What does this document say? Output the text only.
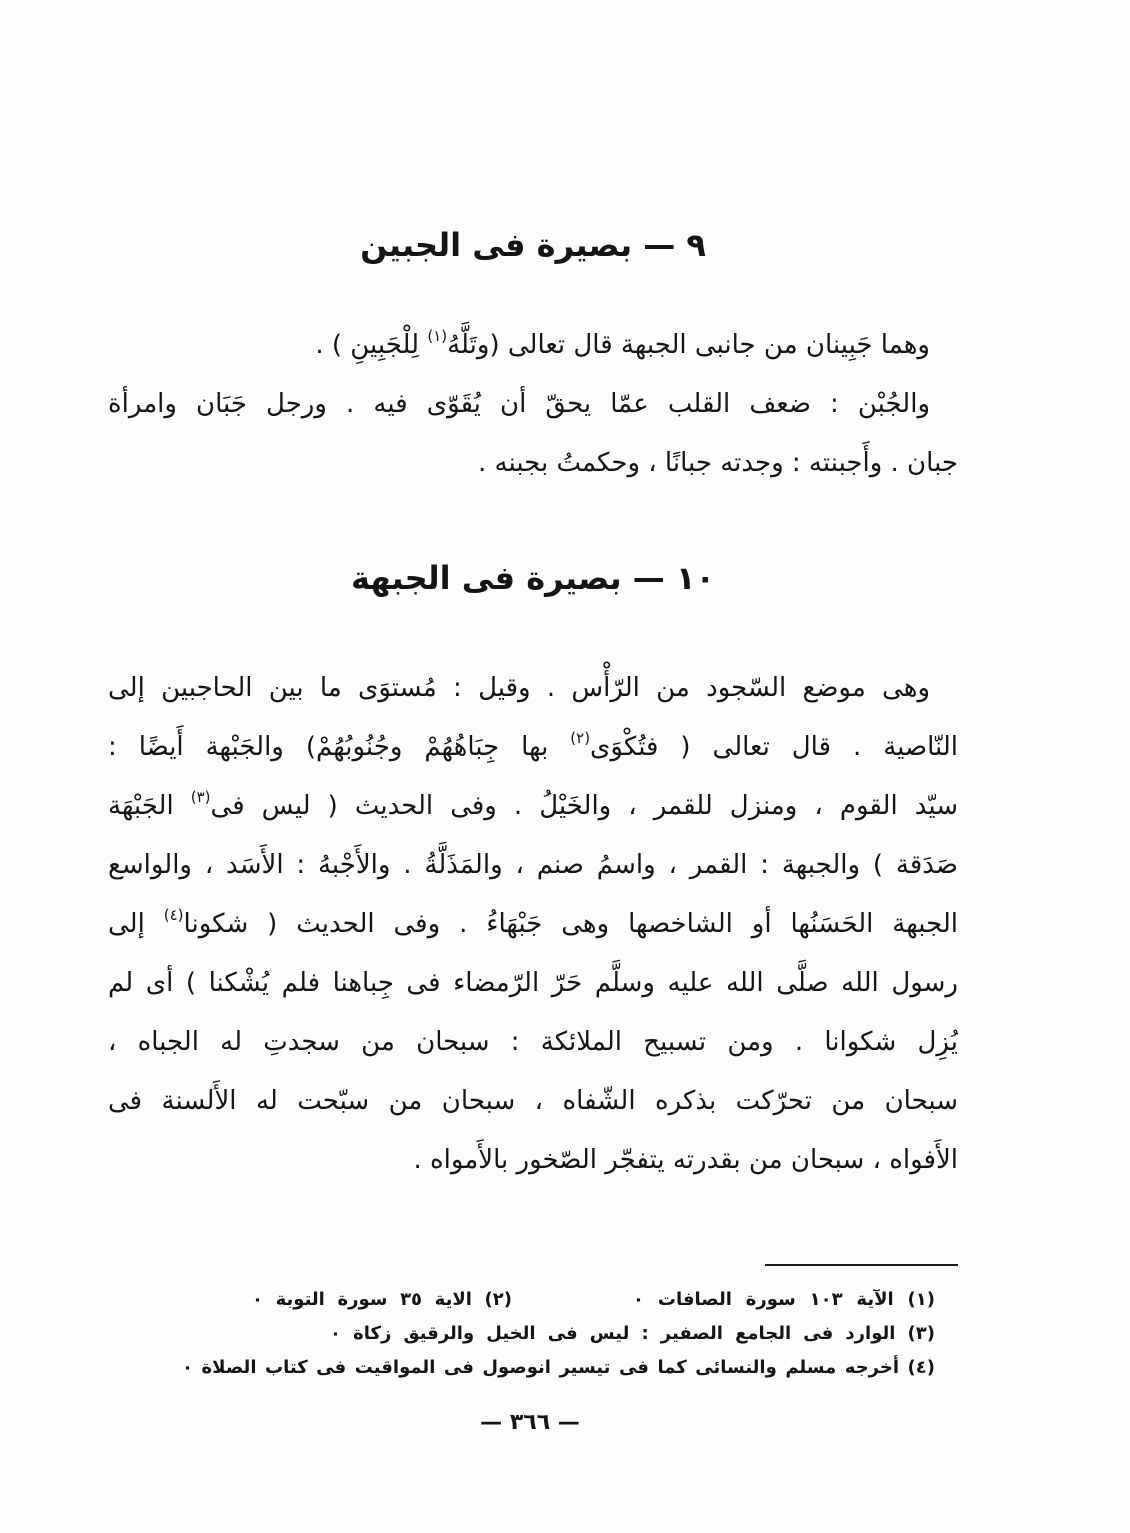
٩ — بصيرة فى الجبين
وهما جَبِينان من جانبى الجبهة قال تعالى (وتَلَّهُ$^{(١)}$ لِلْجَبِينِ ) .
والجُبْن : ضعف القلب عمّا يحقّ أن يُقَوّى فيه . ورجل جَبَان وامرأة
جبان . وأَجبنته : وجدته جبانًا ، وحكمتُ بجبنه .
١٠ — بصيرة فى الجبهة
وهى موضع السّجود من الرّأْس . وقيل : مُستوَى ما بين الحاجبين إلى
النّاصية . قال تعالى ( فتُكْوَى$^{(٢)}$ بها جِبَاهُهُمْ وجُنُوبُهُمْ) والجَبْهة أَيضًا :
سيّد القوم ، ومنزل للقمر ، والخَيْلُ . وفى الحديث ( ليس فى$^{(٣)}$ الجَبْهَة
صَدَقة ) والجبهة : القمر ، واسمُ صنم ، والمَذَلَّةُ . والأَجْبهُ : الأَسَد ، والواسع
الجبهة الحَسَنُها أو الشاخصها وهى جَبْهَاءُ . وفى الحديث ( شكونا$^{(٤)}$ إلى
رسول الله صلَّى الله عليه وسلَّم حَرّ الرّمضاء فى جِباهنا فلم يُشْكنا ) أى لم
يُزِل شكوانا . ومن تسبيح الملائكة : سبحان من سجدتِ له الجباه ،
سبحان من تحرّكت بذكره الشّفاه ، سبحان من سبّحت له الأَلسنة فى
الأَفواه ، سبحان من بقدرته يتفجّر الصّخور بالأَمواه .
(١) الآية ١٠٣ سورة الصافات ٠
(٢) الاية ٣٥ سورة التوبة ٠
(٣) الوارد فى الجامع الصفير : ليس فى الخيل والرقيق زكاة ٠
(٤) أخرجه مسلم والنسائى كما فى تيسير انوصول فى المواقيت فى كتاب الصلاة ٠
— ٣٦٦ —
